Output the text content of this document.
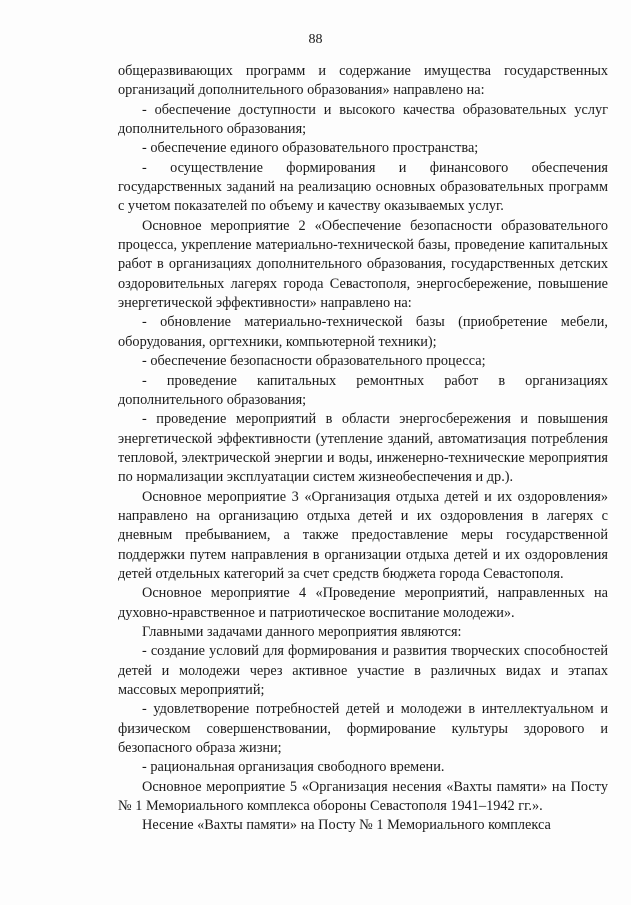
88

общеразвивающих программ и содержание имущества государственных организаций дополнительного образования» направлено на:

- обеспечение доступности и высокого качества образовательных услуг дополнительного образования;

- обеспечение единого образовательного пространства;

- осуществление формирования и финансового обеспечения государственных заданий на реализацию основных образовательных программ с учетом показателей по объему и качеству оказываемых услуг.

Основное мероприятие 2 «Обеспечение безопасности образовательного процесса, укрепление материально-технической базы, проведение капитальных работ в организациях дополнительного образования, государственных детских оздоровительных лагерях города Севастополя, энергосбережение, повышение энергетической эффективности» направлено на:

- обновление материально-технической базы (приобретение мебели, оборудования, оргтехники, компьютерной техники);

- обеспечение безопасности образовательного процесса;

- проведение капитальных ремонтных работ в организациях дополнительного образования;

- проведение мероприятий в области энергосбережения и повышения энергетической эффективности (утепление зданий, автоматизация потребления тепловой, электрической энергии и воды, инженерно-технические мероприятия по нормализации эксплуатации систем жизнеобеспечения и др.).

Основное мероприятие 3 «Организация отдыха детей и их оздоровления» направлено на организацию отдыха детей и их оздоровления в лагерях с дневным пребыванием, а также предоставление меры государственной поддержки путем направления в организации отдыха детей и их оздоровления детей отдельных категорий за счет средств бюджета города Севастополя.

Основное мероприятие 4 «Проведение мероприятий, направленных на духовно-нравственное и патриотическое воспитание молодежи».

Главными задачами данного мероприятия являются:

- создание условий для формирования и развития творческих способностей детей и молодежи через активное участие в различных видах и этапах массовых мероприятий;

- удовлетворение потребностей детей и молодежи в интеллектуальном и физическом совершенствовании, формирование культуры здорового и безопасного образа жизни;

- рациональная организация свободного времени.

Основное мероприятие 5 «Организация несения «Вахты памяти» на Посту № 1 Мемориального комплекса обороны Севастополя 1941–1942 гг.».

Несение «Вахты памяти» на Посту № 1 Мемориального комплекса
